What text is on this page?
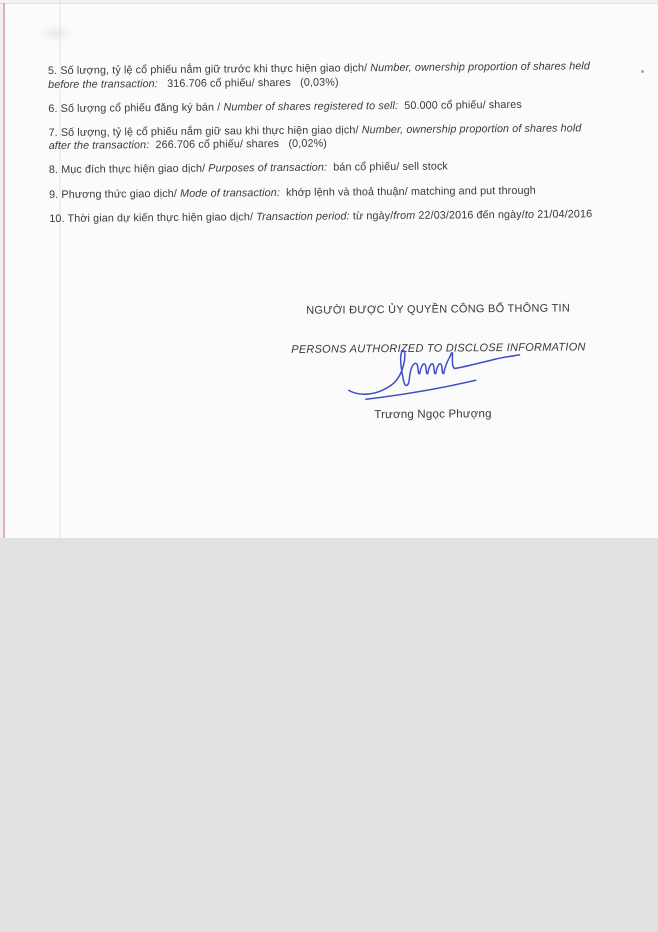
5. Số lượng, tỷ lệ cổ phiếu nắm giữ trước khi thực hiện giao dịch/ Number, ownership proportion of shares held
before the transaction:   316.706 cổ phiếu/ shares   (0,03%)

6. Số lượng cổ phiếu đăng ký bán / Number of shares registered to sell:  50.000 cổ phiếu/ shares

7. Số lượng, tỷ lệ cổ phiếu nắm giữ sau khi thực hiện giao dịch/ Number, ownership proportion of shares hold
after the transaction:  266.706 cổ phiếu/ shares   (0,02%)

8. Mục đích thực hiện giao dịch/ Purposes of transaction:  bán cổ phiếu/ sell stock

9. Phương thức giao dịch/ Mode of transaction:  khớp lệnh và thoả thuận/ matching and put through

10. Thời gian dự kiến thực hiện giao dịch/ Transaction period: từ ngày/from 22/03/2016 đến ngày/to 21/04/2016

NGƯỜI ĐƯỢC ỦY QUYỀN CÔNG BỐ THÔNG TIN

PERSONS AUTHORIZED TO DISCLOSE INFORMATION

Trương Ngọc Phượng
